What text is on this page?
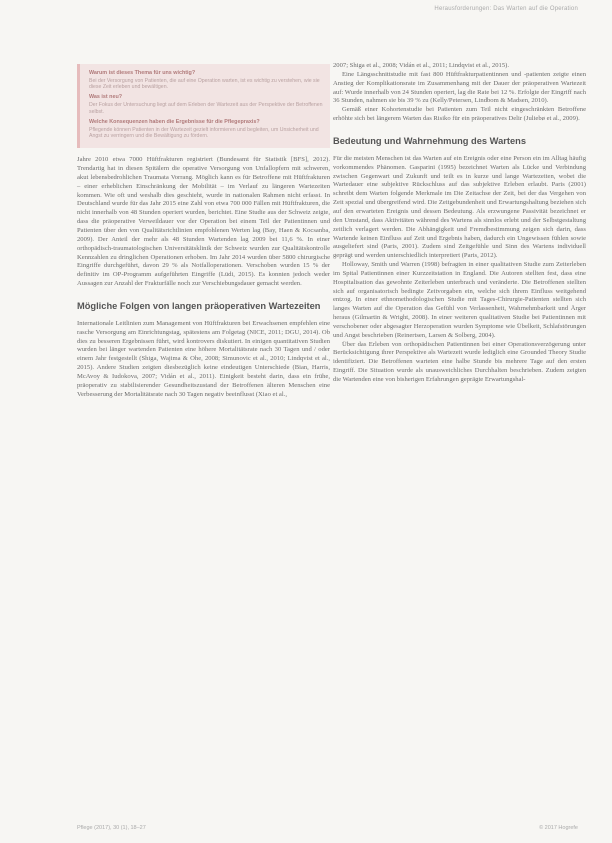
Herausforderungen: Das Warten auf die Operation

Warum ist dieses Thema für uns wichtig?

Bei der Versorgung von Patienten, die auf eine Operation warten, ist es wichtig zu verstehen, wie sie diese Zeit erleben und bewältigen.

Was ist neu?

Der Fokus der Untersuchung liegt auf dem Erleben der Wartezeit aus der Perspektive der Betroffenen selbst.

Welche Konsequenzen haben die Ergebnisse für die Pflegepraxis?

Pflegende können Patienten in der Wartezeit gezielt informieren und begleiten, um Unsicherheit und Angst zu verringern und die Bewältigung zu fördern.

Jahre 2010 etwa 7000 Hüftfrakturen registriert (Bundesamt für Statistik [BFS], 2012). Trendartig hat in diesen Spitälern die operative Versorgung von Unfallopfern mit schweren, akut lebensbedrohlichen Traumata Vorrang. Möglich kann es für Betroffene mit Hüftfrakturen – einer erheblichen Einschränkung der Mobilität – im Verlauf zu längeren Wartezeiten kommen. Wie oft und weshalb dies geschieht, wurde in nationalen Rahmen nicht erfasst. In Deutschland wurde für das Jahr 2015 eine Zahl von etwa 700 000 Fällen mit Hüftfrakturen, die nicht innerhalb von 48 Stunden operiert wurden, berichtet. Eine Studie aus der Schweiz zeigte, dass die präoperative Verweildauer vor der Operation bei einem Teil der Patientinnen und Patienten über den von Qualitätsrichtlinien empfohlenen Werten lag (Bay, Haen & Kocsanba, 2009). Der Anteil der mehr als 48 Stunden Wartenden lag 2009 bei 11,6 %. In einer orthopädisch-traumatologischen Universitätsklinik der Schweiz wurden zur Qualitätskontrolle Kennzahlen zu dringlichen Operationen erhoben. Im Jahr 2014 wurden über 5800 chirurgische Eingriffe durchgeführt, davon 29 % als Notfalloperationen. Verschoben wurden 15 % der definitiv im OP-Programm aufgeführten Eingriffe (Lüdi, 2015). Es konnten jedoch weder Aussagen zur Anzahl der Frakturfälle noch zur Verschiebungsdauer gemacht werden.

Mögliche Folgen von langen präoperativen Wartezeiten

Internationale Leitlinien zum Management von Hüftfrakturen bei Erwachsenen empfehlen eine rasche Versorgung am Einrichtungstag, spätestens am Folgetag (NICE, 2011; DGU, 2014). Ob dies zu besseren Ergebnissen führt, wird kontrovers diskutiert. In einigen quantitativen Studien wurden bei länger wartenden Patienten eine höhere Mortalitätsrate nach 30 Tagen und / oder einem Jahr festgestellt (Shiga, Wajima & Ohe, 2008; Simunovic et al., 2010; Lindqvist et al., 2015). Andere Studien zeigten diesbezüglich keine eindeutigen Unterschiede (Bian, Harris, McAvoy & Iudokova, 2007; Vidán et al., 2011). Einigkeit besteht darin, dass ein frühe, präoperativ zu stabilisierender Gesundheitszustand der Betroffenen älteren Menschen eine Verbesserung der Mortalitätsrate nach 30 Tagen negativ beeinflusst (Xiao et al.,

2007; Shiga et al., 2008; Vidán et al., 2011; Lindqvist et al., 2015).

Eine Längsschnittstudie mit fast 800 Hüftfrakturpatientinnen und -patienten zeigte einen Anstieg der Komplikationsrate im Zusammenhang mit der Dauer der präoperativen Wartezeit auf: Wurde innerhalb von 24 Stunden operiert, lag die Rate bei 12 %. Erfolgte der Eingriff nach 36 Stunden, nahmen sie bis 39 % zu (Kelly/Petersen, Lindbom & Madsen, 2010).

Gemäß einer Kohortenstudie bei Patienten zum Teil nicht eingeschränkten Betroffene erhöhte sich bei längerem Warten das Risiko für ein präoperatives Delir (Juliebø et al., 2009).

Bedeutung und Wahrnehmung des Wartens

Für die meisten Menschen ist das Warten auf ein Ereignis oder eine Person ein im Alltag häufig vorkommendes Phänomen. Gasparini (1995) bezeichnet Warten als Lücke und Verbindung zwischen Gegenwart und Zukunft und teilt es in kurze und lange Wartezeiten, wobei die Wartedauer eine subjektive Rückschluss auf das subjektive Erleben erlaubt. Paris (2001) schreibt dem Warten folgende Merkmale im Die Zeitachse der Zeit, bei der das Vergehen von Zeit spezial und übergreifend wird. Die Zeitgebundenheit und Erwartungshaltung beziehen sich auf den erwarteten Ereignis und dessen Bedeutung. Als erzwungene Passivität bezeichnet er den Umstand, dass Aktivitäten während des Wartens als sinnlos erlebt und der Selbstgestaltung zeitlich verlagert werden. Die Abhängigkeit und Fremdbestimmung zeigen sich darin, dass Wartende keinen Einfluss auf Zeit und Ergebnis haben, dadurch ein Ungewissen fühlen sowie ausgeliefert sind (Paris, 2001). Zudem sind Zeitgefühle und Sinn des Wartens individuell geprägt und werden unterschiedlich interpretiert (Paris, 2012).

Holloway, Smith und Warren (1998) befragten in einer qualitativen Studie zum Zeiterleben im Spital Patientinnen einer Kurzzeitstation in England. Die Autoren stellten fest, dass eine Hospitalisation das gewohnte Zeiterleben unterbrach und veränderte. Die Betroffenen stellten sich auf organisatorisch bedingte Zeitvorgaben ein, welche sich ihrem Einfluss weitgehend entzog. In einer ethnomethodologischen Studie mit Tages-Chirurgie-Patienten stellten sich langes Warten auf die Operation das Gefühl von Verlassenheit, Wahrnehmbarkeit und Ärger heraus (Gilmartin & Wright, 2008). In einer weiteren qualitativen Studie bei Patientinnen mit verschobener oder abgesagter Herzoperation wurden Symptome wie Übelkeit, Schlafstörungen und Angst beschrieben (Reinertsen, Larsen & Solberg, 2004).

Über das Erleben von orthopädischen Patientinnen bei einer Operationsverzögerung unter Berücksichtigung ihrer Perspektive als Wartezeit wurde lediglich eine Grounded Theory Studie identifiziert. Die Betroffenen warteten eine halbe Stunde bis mehrere Tage auf den ersten Eingriff. Die Situation wurde als unausweichliches Durchhalten beschrieben. Zudem zeigten die Wartenden eine von bisherigen Erfahrungen geprägte Erwartungshal-

Pflege (2017), 30 (1), 18–27	© 2017 Hogrefe
